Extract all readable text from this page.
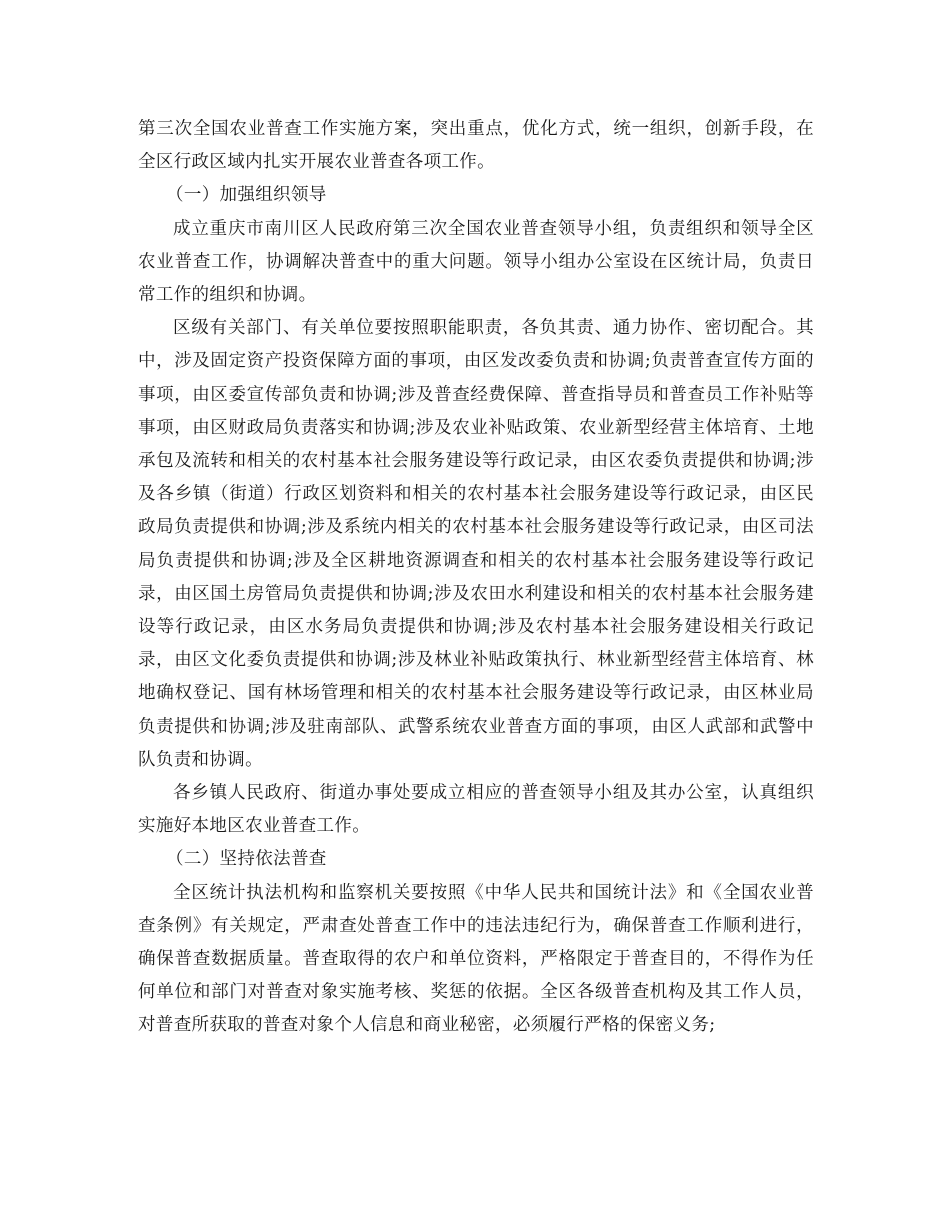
第三次全国农业普查工作实施方案，突出重点，优化方式，统一组织，创新手段，在全区行政区域内扎实开展农业普查各项工作。

（一）加强组织领导

成立重庆市南川区人民政府第三次全国农业普查领导小组，负责组织和领导全区农业普查工作，协调解决普查中的重大问题。领导小组办公室设在区统计局，负责日常工作的组织和协调。

区级有关部门、有关单位要按照职能职责，各负其责、通力协作、密切配合。其中，涉及固定资产投资保障方面的事项，由区发改委负责和协调;负责普查宣传方面的事项，由区委宣传部负责和协调;涉及普查经费保障、普查指导员和普查员工作补贴等事项，由区财政局负责落实和协调;涉及农业补贴政策、农业新型经营主体培育、土地承包及流转和相关的农村基本社会服务建设等行政记录，由区农委负责提供和协调;涉及各乡镇（街道）行政区划资料和相关的农村基本社会服务建设等行政记录，由区民政局负责提供和协调;涉及系统内相关的农村基本社会服务建设等行政记录，由区司法局负责提供和协调;涉及全区耕地资源调查和相关的农村基本社会服务建设等行政记录，由区国土房管局负责提供和协调;涉及农田水利建设和相关的农村基本社会服务建设等行政记录，由区水务局负责提供和协调;涉及农村基本社会服务建设相关行政记录，由区文化委负责提供和协调;涉及林业补贴政策执行、林业新型经营主体培育、林地确权登记、国有林场管理和相关的农村基本社会服务建设等行政记录，由区林业局负责提供和协调;涉及驻南部队、武警系统农业普查方面的事项，由区人武部和武警中队负责和协调。

各乡镇人民政府、街道办事处要成立相应的普查领导小组及其办公室，认真组织实施好本地区农业普查工作。

（二）坚持依法普查

全区统计执法机构和监察机关要按照《中华人民共和国统计法》和《全国农业普查条例》有关规定，严肃查处普查工作中的违法违纪行为，确保普查工作顺利进行，确保普查数据质量。普查取得的农户和单位资料，严格限定于普查目的，不得作为任何单位和部门对普查对象实施考核、奖惩的依据。全区各级普查机构及其工作人员，对普查所获取的普查对象个人信息和商业秘密，必须履行严格的保密义务;
